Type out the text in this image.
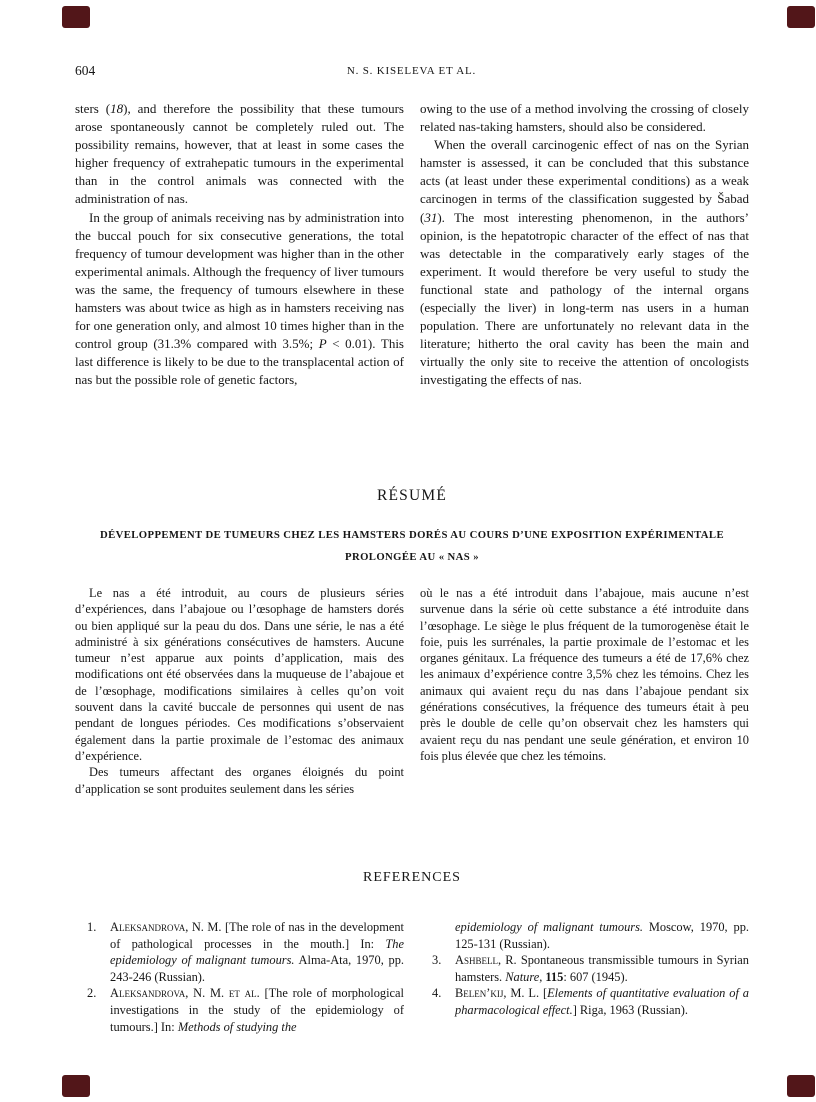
604	N. S. KISELEVA ET AL.

sters (18), and therefore the possibility that these tumours arose spontaneously cannot be completely ruled out. The possibility remains, however, that at least in some cases the higher frequency of extrahepatic tumours in the experimental than in the control animals was connected with the administration of nas.

In the group of animals receiving nas by administration into the buccal pouch for six consecutive generations, the total frequency of tumour development was higher than in the other experimental animals. Although the frequency of liver tumours was the same, the frequency of tumours elsewhere in these hamsters was about twice as high as in hamsters receiving nas for one generation only, and almost 10 times higher than in the control group (31.3% compared with 3.5%; P < 0.01). This last difference is likely to be due to the transplacental action of nas but the possible role of genetic factors,

owing to the use of a method involving the crossing of closely related nas-taking hamsters, should also be considered.

When the overall carcinogenic effect of nas on the Syrian hamster is assessed, it can be concluded that this substance acts (at least under these experimental conditions) as a weak carcinogen in terms of the classification suggested by Šabad (31). The most interesting phenomenon, in the authors’ opinion, is the hepatotropic character of the effect of nas that was detectable in the comparatively early stages of the experiment. It would therefore be very useful to study the functional state and pathology of the internal organs (especially the liver) in long-term nas users in a human population. There are unfortunately no relevant data in the literature; hitherto the oral cavity has been the main and virtually the only site to receive the attention of oncologists investigating the effects of nas.

RÉSUMÉ
DÉVELOPPEMENT DE TUMEURS CHEZ LES HAMSTERS DORÉS AU COURS D’UNE EXPOSITION EXPÉRIMENTALE
PROLONGÉE AU « NAS »

Le nas a été introduit, au cours de plusieurs séries d’expériences, dans l’abajoue ou l’œsophage de hamsters dorés ou bien appliqué sur la peau du dos. Dans une série, le nas a été administré à six générations consécutives de hamsters. Aucune tumeur n’est apparue aux points d’application, mais des modifications ont été observées dans la muqueuse de l’abajoue et de l’œsophage, modifications similaires à celles qu’on voit souvent dans la cavité buccale de personnes qui usent de nas pendant de longues périodes. Ces modifications s’observaient également dans la partie proximale de l’estomac des animaux d’expérience.

Des tumeurs affectant des organes éloignés du point d’application se sont produites seulement dans les séries

où le nas a été introduit dans l’abajoue, mais aucune n’est survenue dans la série où cette substance a été introduite dans l’œsophage. Le siège le plus fréquent de la tumorogenèse était le foie, puis les surrénales, la partie proximale de l’estomac et les organes génitaux. La fréquence des tumeurs a été de 17,6% chez les animaux d’expérience contre 3,5% chez les témoins. Chez les animaux qui avaient reçu du nas dans l’abajoue pendant six générations consécutives, la fréquence des tumeurs était à peu près le double de celle qu’on observait chez les hamsters qui avaient reçu du nas pendant une seule génération, et environ 10 fois plus élevée que chez les témoins.

REFERENCES
1. Aleksandrova, N. M. [The role of nas in the development of pathological processes in the mouth.] In: The epidemiology of malignant tumours. Alma-Ata, 1970, pp. 243-246 (Russian).
2. Aleksandrova, N. M. et al. [The role of morphological investigations in the study of the epidemiology of tumours.] In: Methods of studying the
epidemiology of malignant tumours. Moscow, 1970, pp. 125-131 (Russian).
3. Ashbell, R. Spontaneous transmissible tumours in Syrian hamsters. Nature, 115: 607 (1945).
4. Belen’kij, M. L. [Elements of quantitative evaluation of a pharmacological effect.] Riga, 1963 (Russian).
